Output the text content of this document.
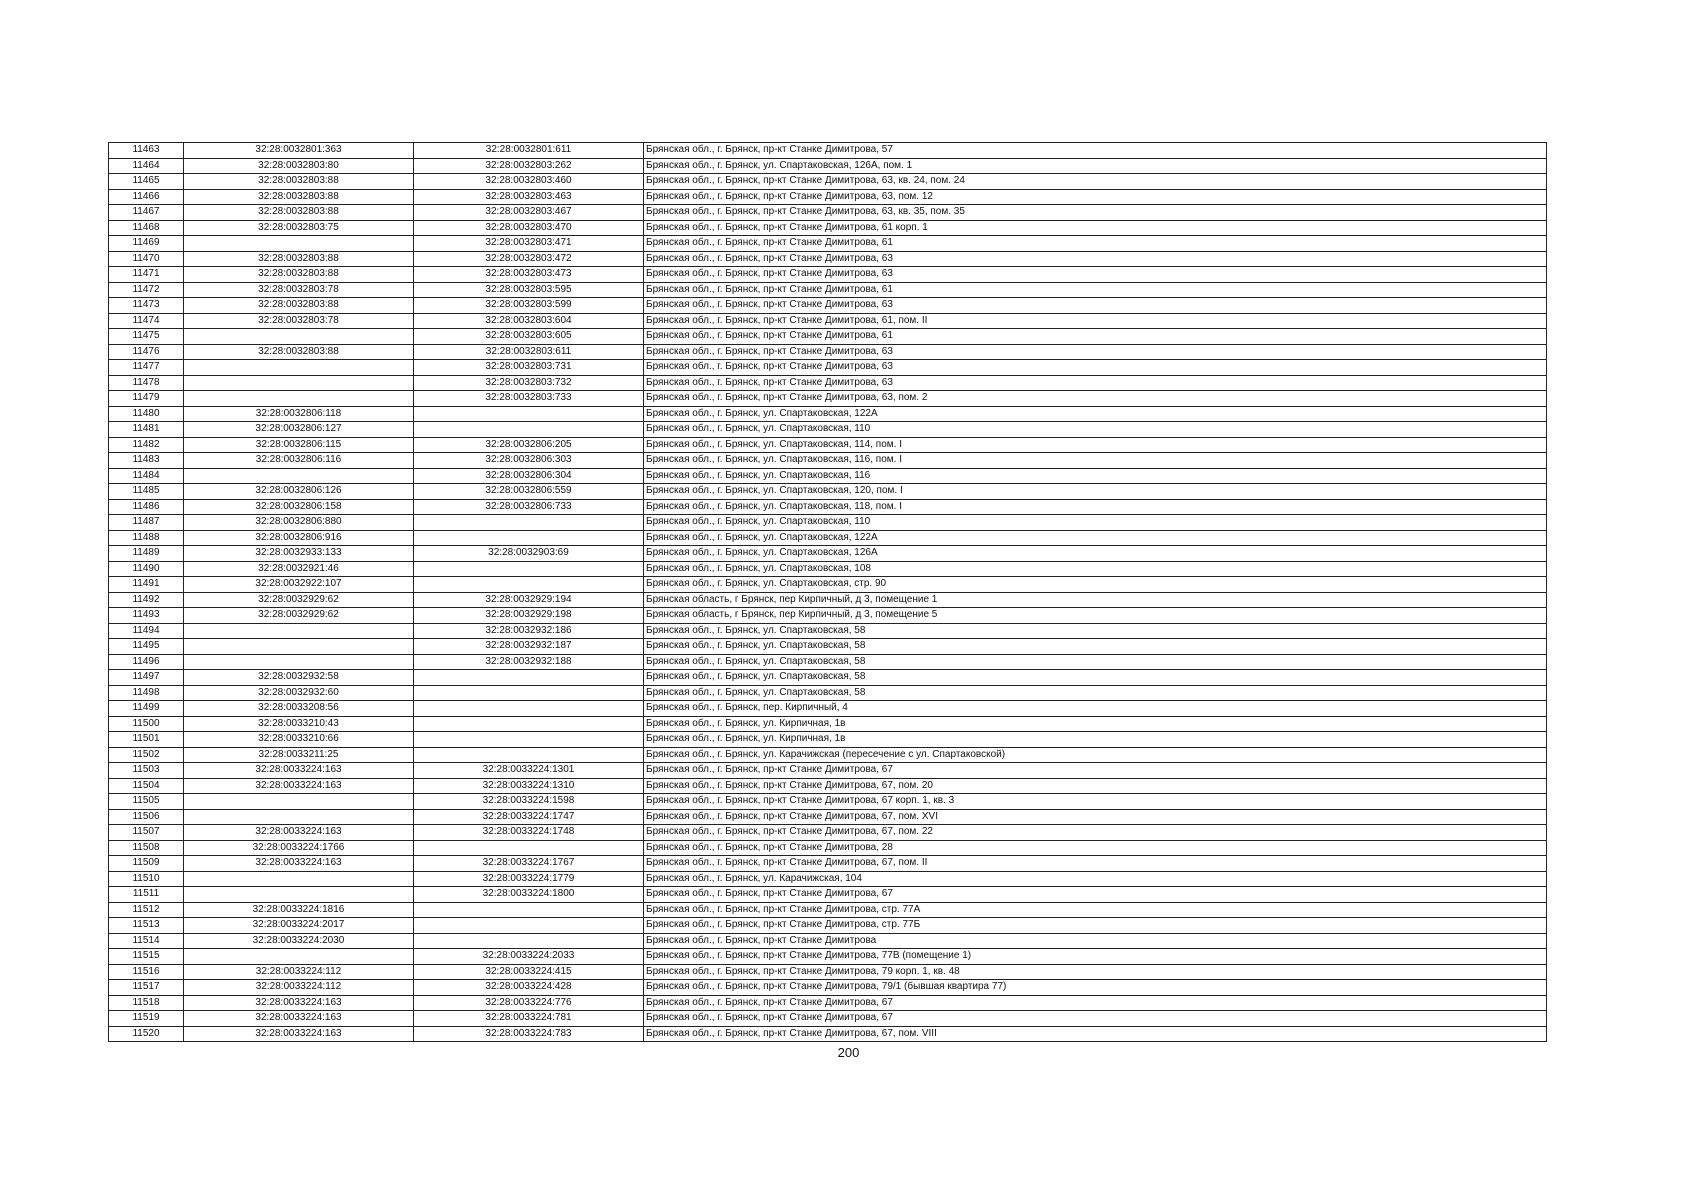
11463	32:28:0032801:363	32:28:0032801:611	Брянская обл., г. Брянск, пр-кт Станке Димитрова, 57
11464	32:28:0032803:80	32:28:0032803:262	Брянская обл., г. Брянск, ул. Спартаковская, 126А, пом. 1
11465	32:28:0032803:88	32:28:0032803:460	Брянская обл., г. Брянск, пр-кт Станке Димитрова, 63, кв. 24, пом. 24
11466	32:28:0032803:88	32:28:0032803:463	Брянская обл., г. Брянск, пр-кт Станке Димитрова, 63, пом. 12
11467	32:28:0032803:88	32:28:0032803:467	Брянская обл., г. Брянск, пр-кт Станке Димитрова, 63, кв. 35, пом. 35
11468	32:28:0032803:75	32:28:0032803:470	Брянская обл., г. Брянск, пр-кт Станке Димитрова, 61 корп. 1
11469		32:28:0032803:471	Брянская обл., г. Брянск, пр-кт Станке Димитрова, 61
11470	32:28:0032803:88	32:28:0032803:472	Брянская обл., г. Брянск, пр-кт Станке Димитрова, 63
11471	32:28:0032803:88	32:28:0032803:473	Брянская обл., г. Брянск, пр-кт Станке Димитрова, 63
11472	32:28:0032803:78	32:28:0032803:595	Брянская обл., г. Брянск, пр-кт Станке Димитрова, 61
11473	32:28:0032803:88	32:28:0032803:599	Брянская обл., г. Брянск, пр-кт Станке Димитрова, 63
11474	32:28:0032803:78	32:28:0032803:604	Брянская обл., г. Брянск, пр-кт Станке Димитрова, 61, пом. II
11475		32:28:0032803:605	Брянская обл., г. Брянск, пр-кт Станке Димитрова, 61
11476	32:28:0032803:88	32:28:0032803:611	Брянская обл., г. Брянск, пр-кт Станке Димитрова, 63
11477		32:28:0032803:731	Брянская обл., г. Брянск, пр-кт Станке Димитрова, 63
11478		32:28:0032803:732	Брянская обл., г. Брянск, пр-кт Станке Димитрова, 63
11479		32:28:0032803:733	Брянская обл., г. Брянск, пр-кт Станке Димитрова, 63, пом. 2
11480	32:28:0032806:118		Брянская обл., г. Брянск, ул. Спартаковская, 122А
11481	32:28:0032806:127		Брянская обл., г. Брянск, ул. Спартаковская, 110
11482	32:28:0032806:115	32:28:0032806:205	Брянская обл., г. Брянск, ул. Спартаковская, 114, пом. I
11483	32:28:0032806:116	32:28:0032806:303	Брянская обл., г. Брянск, ул. Спартаковская, 116, пом. I
11484		32:28:0032806:304	Брянская обл., г. Брянск, ул. Спартаковская, 116
11485	32:28:0032806:126	32:28:0032806:559	Брянская обл., г. Брянск, ул. Спартаковская, 120, пом. I
11486	32:28:0032806:158	32:28:0032806:733	Брянская обл., г. Брянск, ул. Спартаковская, 118, пом. I
11487	32:28:0032806:880		Брянская обл., г. Брянск, ул. Спартаковская, 110
11488	32:28:0032806:916		Брянская обл., г. Брянск, ул. Спартаковская, 122А
11489	32:28:0032933:133	32:28:0032903:69	Брянская обл., г. Брянск, ул. Спартаковская, 126А
11490	32:28:0032921:46		Брянская обл., г. Брянск, ул. Спартаковская, 108
11491	32:28:0032922:107		Брянская обл., г. Брянск, ул. Спартаковская, стр. 90
11492	32:28:0032929:62	32:28:0032929:194	Брянская область, г Брянск, пер Кирпичный, д 3, помещение 1
11493	32:28:0032929:62	32:28:0032929:198	Брянская область, г Брянск, пер Кирпичный, д 3, помещение 5
11494		32:28:0032932:186	Брянская обл., г. Брянск, ул. Спартаковская, 58
11495		32:28:0032932:187	Брянская обл., г. Брянск, ул. Спартаковская, 58
11496		32:28:0032932:188	Брянская обл., г. Брянск, ул. Спартаковская, 58
11497	32:28:0032932:58		Брянская обл., г. Брянск, ул. Спартаковская, 58
11498	32:28:0032932:60		Брянская обл., г. Брянск, ул. Спартаковская, 58
11499	32:28:0033208:56		Брянская обл., г. Брянск, пер. Кирпичный, 4
11500	32:28:0033210:43		Брянская обл., г. Брянск, ул. Кирпичная, 1в
11501	32:28:0033210:66		Брянская обл., г. Брянск, ул. Кирпичная, 1в
11502	32:28:0033211:25		Брянская обл., г. Брянск, ул. Карачижская (пересечение с ул. Спартаковской)
11503	32:28:0033224:163	32:28:0033224:1301	Брянская обл., г. Брянск, пр-кт Станке Димитрова, 67
11504	32:28:0033224:163	32:28:0033224:1310	Брянская обл., г. Брянск, пр-кт Станке Димитрова, 67, пом. 20
11505		32:28:0033224:1598	Брянская обл., г. Брянск, пр-кт Станке Димитрова, 67 корп. 1, кв. 3
11506		32:28:0033224:1747	Брянская обл., г. Брянск, пр-кт Станке Димитрова, 67, пом. XVI
11507	32:28:0033224:163	32:28:0033224:1748	Брянская обл., г. Брянск, пр-кт Станке Димитрова, 67, пом. 22
11508	32:28:0033224:1766		Брянская обл., г. Брянск, пр-кт Станке Димитрова, 28
11509	32:28:0033224:163	32:28:0033224:1767	Брянская обл., г. Брянск, пр-кт Станке Димитрова, 67, пом. II
11510		32:28:0033224:1779	Брянская обл., г. Брянск, ул. Карачижская, 104
11511		32:28:0033224:1800	Брянская обл., г. Брянск, пр-кт Станке Димитрова, 67
11512	32:28:0033224:1816		Брянская обл., г. Брянск, пр-кт Станке Димитрова, стр. 77А
11513	32:28:0033224:2017		Брянская обл., г. Брянск, пр-кт Станке Димитрова, стр. 77Б
11514	32:28:0033224:2030		Брянская обл., г. Брянск, пр-кт Станке Димитрова
11515		32:28:0033224:2033	Брянская обл., г. Брянск, пр-кт Станке Димитрова, 77В (помещение 1)
11516	32:28:0033224:112	32:28:0033224:415	Брянская обл., г. Брянск, пр-кт Станке Димитрова, 79 корп. 1, кв. 48
11517	32:28:0033224:112	32:28:0033224:428	Брянская обл., г. Брянск, пр-кт Станке Димитрова, 79/1 (бывшая квартира 77)
11518	32:28:0033224:163	32:28:0033224:776	Брянская обл., г. Брянск, пр-кт Станке Димитрова, 67
11519	32:28:0033224:163	32:28:0033224:781	Брянская обл., г. Брянск, пр-кт Станке Димитрова, 67
11520	32:28:0033224:163	32:28:0033224:783	Брянская обл., г. Брянск, пр-кт Станке Димитрова, 67, пом. VIII
200
